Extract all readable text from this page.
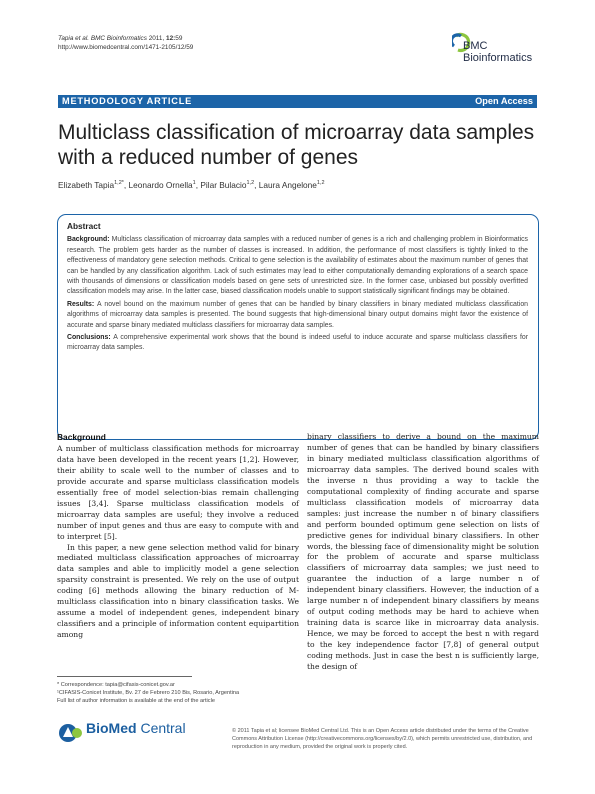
Tapia et al. BMC Bioinformatics 2011, 12:59
http://www.biomedcentral.com/1471-2105/12/59	BMC
Bioinformatics
METHODOLOGY ARTICLE	Open Access
Multiclass classification of microarray data samples with a reduced number of genes
Elizabeth Tapia$^{1,2*}$, Leonardo Ornella$^1$, Pilar Bulacio$^{1,2}$, Laura Angelone$^{1,2}$
Abstract

Background: Multiclass classification of microarray data samples with a reduced number of genes is a rich and challenging problem in Bioinformatics research. The problem gets harder as the number of classes is increased. In addition, the performance of most classifiers is tightly linked to the effectiveness of mandatory gene selection methods. Critical to gene selection is the availability of estimates about the maximum number of genes that can be handled by any classification algorithm. Lack of such estimates may lead to either computationally demanding explorations of a search space with thousands of dimensions or classification models based on gene sets of unrestricted size. In the former case, unbiased but possibly overfitted classification models may arise. In the latter case, biased classification models unable to support statistically significant findings may be obtained.

Results: A novel bound on the maximum number of genes that can be handled by binary classifiers in binary mediated multiclass classification algorithms of microarray data samples is presented. The bound suggests that high-dimensional binary output domains might favor the existence of accurate and sparse binary mediated multiclass classifiers for microarray data samples.

Conclusions: A comprehensive experimental work shows that the bound is indeed useful to induce accurate and sparse multiclass classifiers for microarray data samples.

Background

A number of multiclass classification methods for microarray data have been developed in the recent years [1,2]. However, their ability to scale well to the number of classes and to provide accurate and sparse multiclass classification models essentially free of model selection-bias remain challenging issues [3,4]. Sparse multiclass classification models of microarray data samples are useful; they involve a reduced number of input genes and thus are easy to compute with and to interpret [5].

In this paper, a new gene selection method valid for binary mediated multiclass classification approaches of microarray data samples and able to implicitly model a gene selection sparsity constraint is presented. We rely on the use of output coding [6] methods allowing the binary reduction of M-multiclass classification into n binary classification tasks. We assume a model of independent genes, independent binary classifiers and a principle of information content equipartition among

binary classifiers to derive a bound on the maximum number of genes that can be handled by binary classifiers in binary mediated multiclass classification algorithms of microarray data samples. The derived bound scales with the inverse n thus providing a way to tackle the computational complexity of finding accurate and sparse multiclass classification models of microarray data samples: just increase the number n of binary classifiers and perform bounded optimum gene selection on lists of predictive genes for individual binary classifiers. In other words, the blessing face of dimensionality might be solution for the problem of accurate and sparse multiclass classifiers of microarray data samples; we just need to guarantee the induction of a large number n of independent binary classifiers. However, the induction of a large number n of independent binary classifiers by means of output coding methods may be hard to achieve when training data is scarce like in microarray data analysis. Hence, we may be forced to accept the best n with regard to the key independence factor [7,8] of general output coding methods. Just in case the best n is sufficiently large, the design of

* Correspondence: tapia@cifasis-conicet.gov.ar
¹CIFASIS-Conicet Institute, Bv. 27 de Febrero 210 Bis, Rosario, Argentina
Full list of author information is available at the end of the article
BioMed Central	© 2011 Tapia et al; licensee BioMed Central Ltd. This is an Open Access article distributed under the terms of the Creative Commons Attribution License (http://creativecommons.org/licenses/by/2.0), which permits unrestricted use, distribution, and reproduction in any medium, provided the original work is properly cited.
